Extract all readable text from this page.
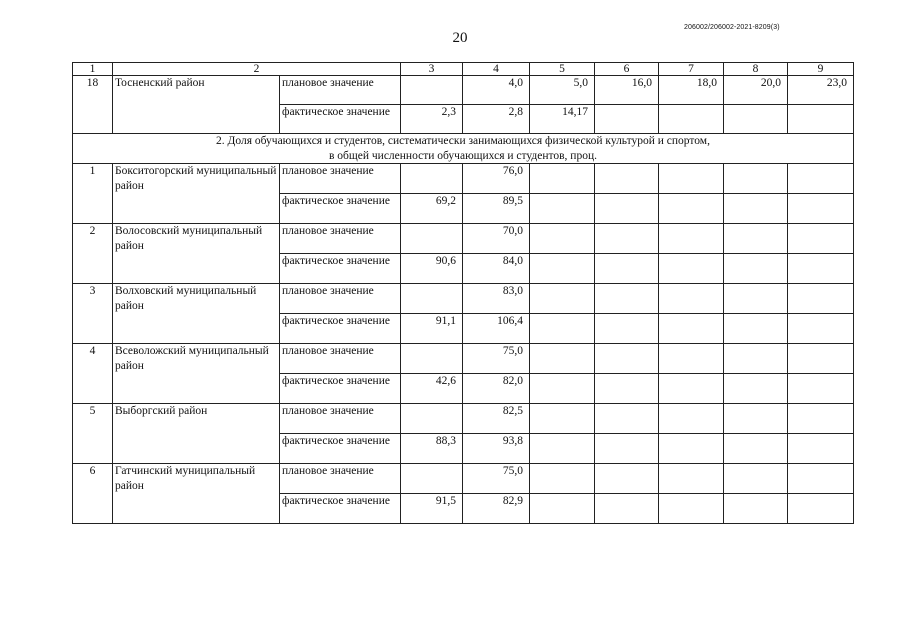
20
206002/206002-2021-8209(3)
1	2		3	4	5	6	7	8	9
18	Тосненский район	плановое значение		4,0	5,0	16,0	18,0	20,0	23,0
		фактическое значение	2,3	2,8	14,17				

2. Доля обучающихся и студентов, систематически занимающихся физической культурой и спортом,
в общей численности обучающихся и студентов, проц.									

1	Бокситогорский муниципальный район	плановое значение		76,0					
		фактическое значение	69,2	89,5					
2	Волосовский муниципальный район	плановое значение		70,0					
		фактическое значение	90,6	84,0					
3	Волховский муниципальный район	плановое значение		83,0					
		фактическое значение	91,1	106,4					
4	Всеволожский муниципальный район	плановое значение		75,0					
		фактическое значение	42,6	82,0					
5	Выборгский район	плановое значение		82,5					
		фактическое значение	88,3	93,8					
6	Гатчинский муниципальный район	плановое значение		75,0					
		фактическое значение	91,5	82,9					
